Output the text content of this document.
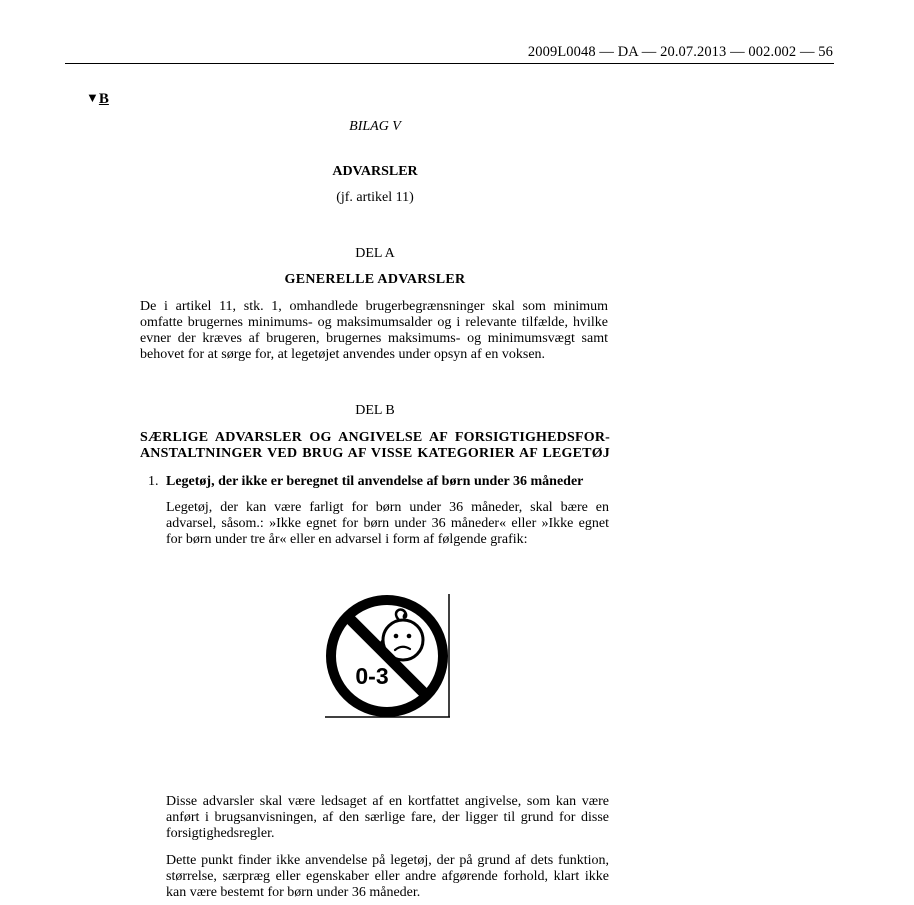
2009L0048 — DA — 20.07.2013 — 002.002 — 56
▼B
BILAG V
ADVARSLER
(jf. artikel 11)
DEL A
GENERELLE ADVARSLER
De i artikel 11, stk. 1, omhandlede brugerbegrænsninger skal som minimum omfatte brugernes minimums- og maksimumsalder og i relevante tilfælde, hvilke evner der kræves af brugeren, brugernes maksimums- og minimumsvægt samt behovet for at sørge for, at legetøjet anvendes under opsyn af en voksen.
DEL B
SÆRLIGE ADVARSLER OG ANGIVELSE AF FORSIGTIGHEDSFOR-
ANSTALTNINGER VED BRUG AF VISSE KATEGORIER AF LEGETØJ
1. Legetøj, der ikke er beregnet til anvendelse af børn under 36 måneder
Legetøj, der kan være farligt for børn under 36 måneder, skal bære en advarsel, såsom.: »Ikke egnet for børn under 36 måneder« eller »Ikke egnet for børn under tre år« eller en advarsel i form af følgende grafik:
0-3
Disse advarsler skal være ledsaget af en kortfattet angivelse, som kan være anført i brugsanvisningen, af den særlige fare, der ligger til grund for disse forsigtighedsregler.
Dette punkt finder ikke anvendelse på legetøj, der på grund af dets funktion, størrelse, særpræg eller egenskaber eller andre afgørende forhold, klart ikke kan være bestemt for børn under 36 måneder.
